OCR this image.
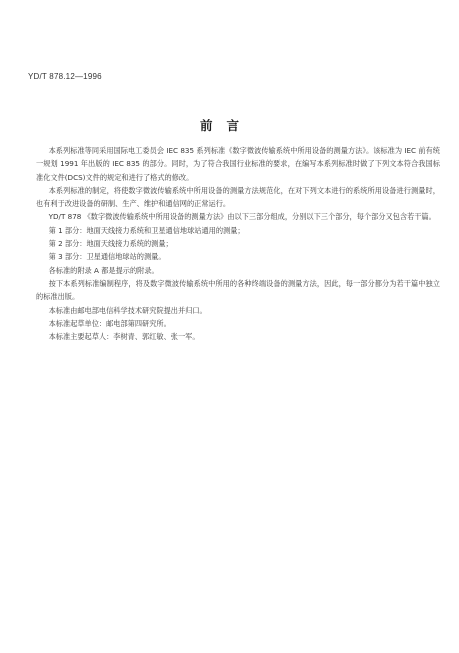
YD/T 878.12—1996
前言

本系列标准等同采用国际电工委员会 IEC 835 系列标准《数字微波传输系统中所用设备的测量方法》。该标准为 IEC 前有统一规划 1991 年出版的 IEC 835 的部分。同时，为了符合我国行业标准的要求，在编写本系列标准时做了下列文本符合我国标准化文件(DCS)文件的规定和进行了格式的修改。

本系列标准的制定，将使数字微波传输系统中所用设备的测量方法规范化，在对下列文本进行的系统所用设备进行测量时，也有利于改进设备的研制、生产、维护和通信网的正常运行。

YD/T 878 《数字微波传输系统中所用设备的测量方法》由以下三部分组成，分别以下三个部分，每个部分又包含若干篇。

第 1 部分：地面天线接力系统和卫星通信地球站通用的测量；

第 2 部分：地面天线接力系统的测量；

第 3 部分：卫星通信地球站的测量。

各标准的附录 A 都是提示的附录。

按下本系列标准编制程序，将及数字微波传输系统中所用的各种终端设备的测量方法，因此，每一部分都分为若干篇中独立的标准出版。

本标准由邮电部电信科学技术研究院提出并归口。

本标准起草单位：邮电部第四研究所。

本标准主要起草人：李树青、郭红敏、张一军。
